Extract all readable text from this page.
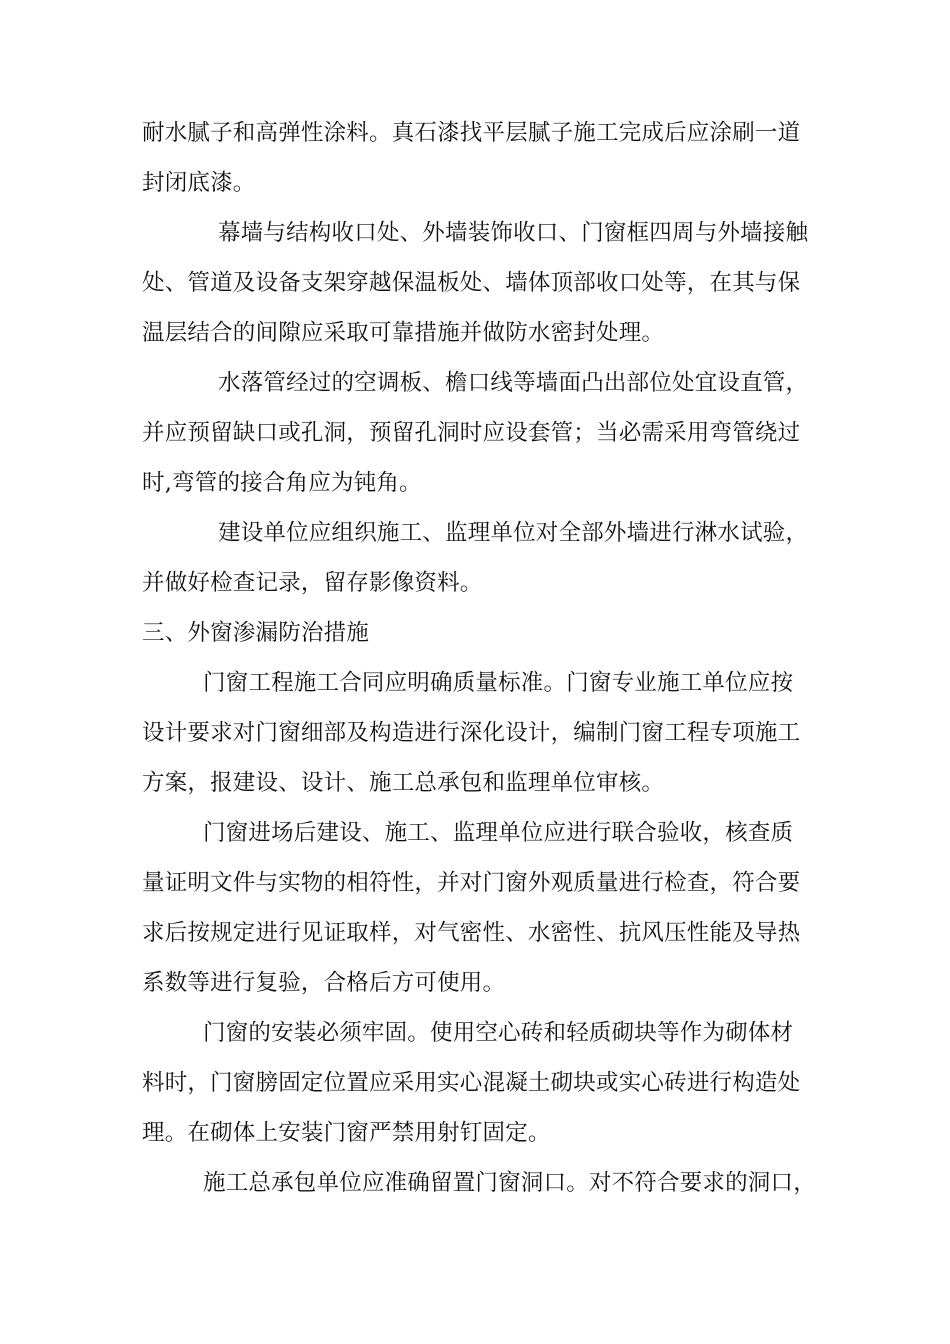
耐水腻子和高弹性涂料。真石漆找平层腻子施工完成后应涂刷一道
封闭底漆。
幕墙与结构收口处、外墙装饰收口、门窗框四周与外墙接触
处、管道及设备支架穿越保温板处、墙体顶部收口处等，在其与保
温层结合的间隙应采取可靠措施并做防水密封处理。
水落管经过的空调板、檐口线等墙面凸出部位处宜设直管，
并应预留缺口或孔洞，预留孔洞时应设套管；当必需采用弯管绕过
时,弯管的接合角应为钝角。
建设单位应组织施工、监理单位对全部外墙进行淋水试验，
并做好检查记录，留存影像资料。
三、外窗渗漏防治措施
门窗工程施工合同应明确质量标准。门窗专业施工单位应按
设计要求对门窗细部及构造进行深化设计，编制门窗工程专项施工
方案，报建设、设计、施工总承包和监理单位审核。
门窗进场后建设、施工、监理单位应进行联合验收，核查质
量证明文件与实物的相符性，并对门窗外观质量进行检查，符合要
求后按规定进行见证取样，对气密性、水密性、抗风压性能及导热
系数等进行复验，合格后方可使用。
门窗的安装必须牢固。使用空心砖和轻质砌块等作为砌体材
料时，门窗膀固定位置应采用实心混凝土砌块或实心砖进行构造处
理。在砌体上安装门窗严禁用射钉固定。
施工总承包单位应准确留置门窗洞口。对不符合要求的洞口，
